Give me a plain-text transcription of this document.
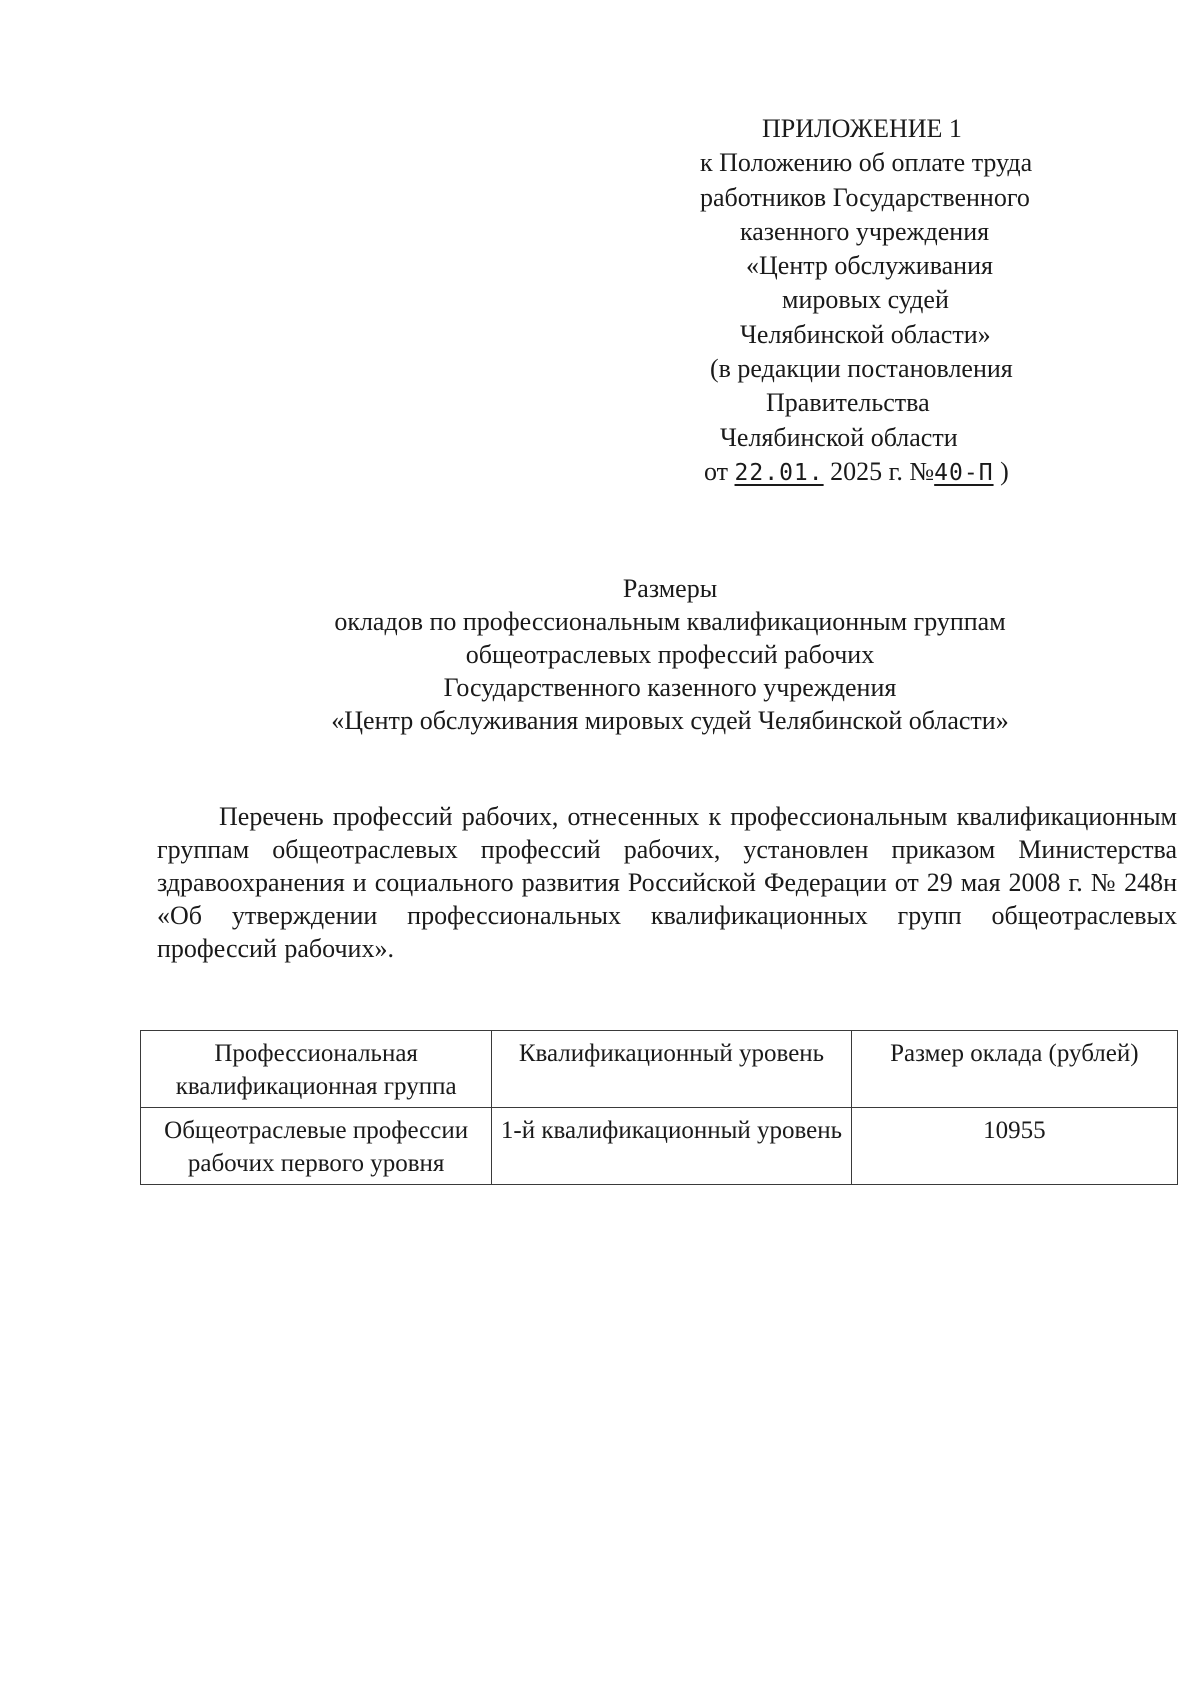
ПРИЛОЖЕНИЕ 1
к Положению об оплате труда
работников Государственного
казенного учреждения
«Центр обслуживания
мировых судей
Челябинской области»
(в редакции постановления
Правительства
Челябинской области
от 22.01. 2025 г. №40-П )
Размеры
окладов по профессиональным квалификационным группам
общеотраслевых профессий рабочих
Государственного казенного учреждения
«Центр обслуживания мировых судей Челябинской области»

Перечень профессий рабочих, отнесенных к профессиональным квалификационным группам общеотраслевых профессий рабочих, установлен приказом Министерства здравоохранения и социального развития Российской Федерации от 29 мая 2008 г. № 248н «Об утверждении профессиональных квалификационных групп общеотраслевых профессий рабочих».

Профессиональная квалификационная группа	Квалификационный уровень	Размер оклада (рублей)
Общеотраслевые профессии рабочих первого уровня	1-й квалификационный уровень	10955
